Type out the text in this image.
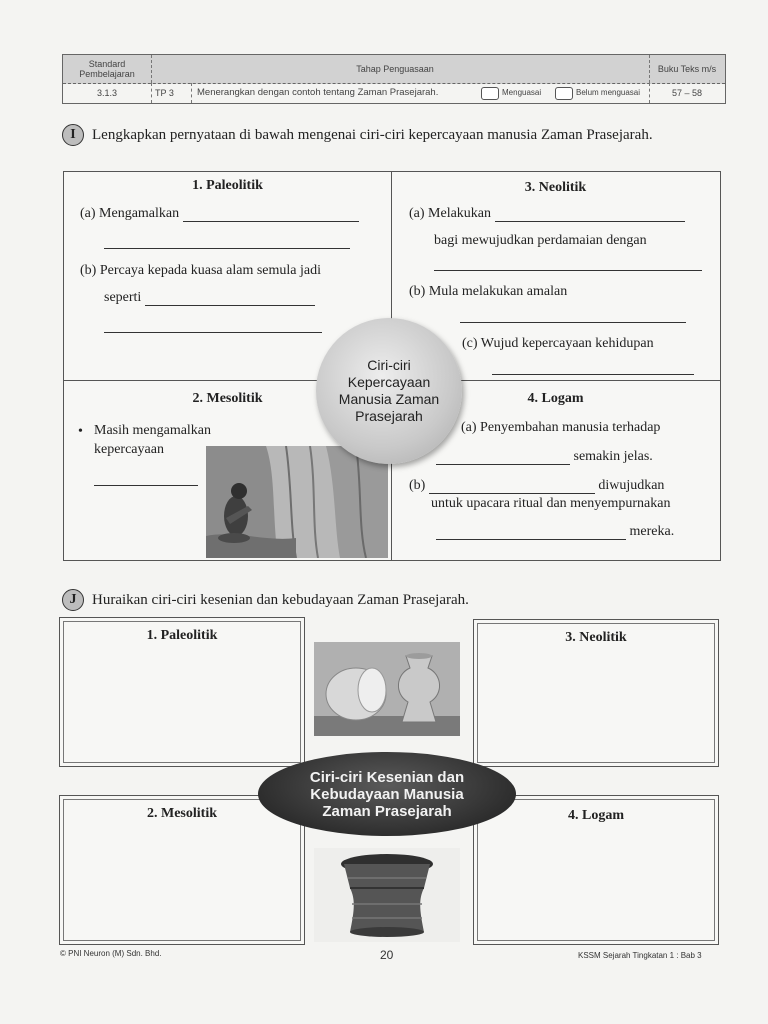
Standard Pembelajaran	Tahap Penguasaan	Buku Teks m/s
3.1.3	TP 3	Menerangkan dengan contoh tentang Zaman Prasejarah.	Menguasai	Belum menguasai	57 – 58
I	Lengkapkan pernyataan di bawah mengenai ciri-ciri kepercayaan manusia Zaman Prasejarah.
1. Paleolitik
(a) Mengamalkan
(b) Percaya kepada kuasa alam semula jadi
seperti
3. Neolitik
(a) Melakukan
bagi mewujudkan perdamaian dengan
(b) Mula melakukan amalan
(c) Wujud kepercayaan kehidupan
2. Mesolitik
• Masih mengamalkan
kepercayaan
4. Logam
(a) Penyembahan manusia terhadap
semakin jelas.
(b)	diwujudkan
untuk upacara ritual dan menyempurnakan
mereka.
Ciri-ciri
Kepercayaan
Manusia Zaman
Prasejarah
J	Huraikan ciri-ciri kesenian dan kebudayaan Zaman Prasejarah.
1. Paleolitik
2. Mesolitik
3. Neolitik
4. Logam
Ciri-ciri Kesenian dan
Kebudayaan Manusia
Zaman Prasejarah
© PNI Neuron (M) Sdn. Bhd.	20	KSSM Sejarah Tingkatan 1 : Bab 3
